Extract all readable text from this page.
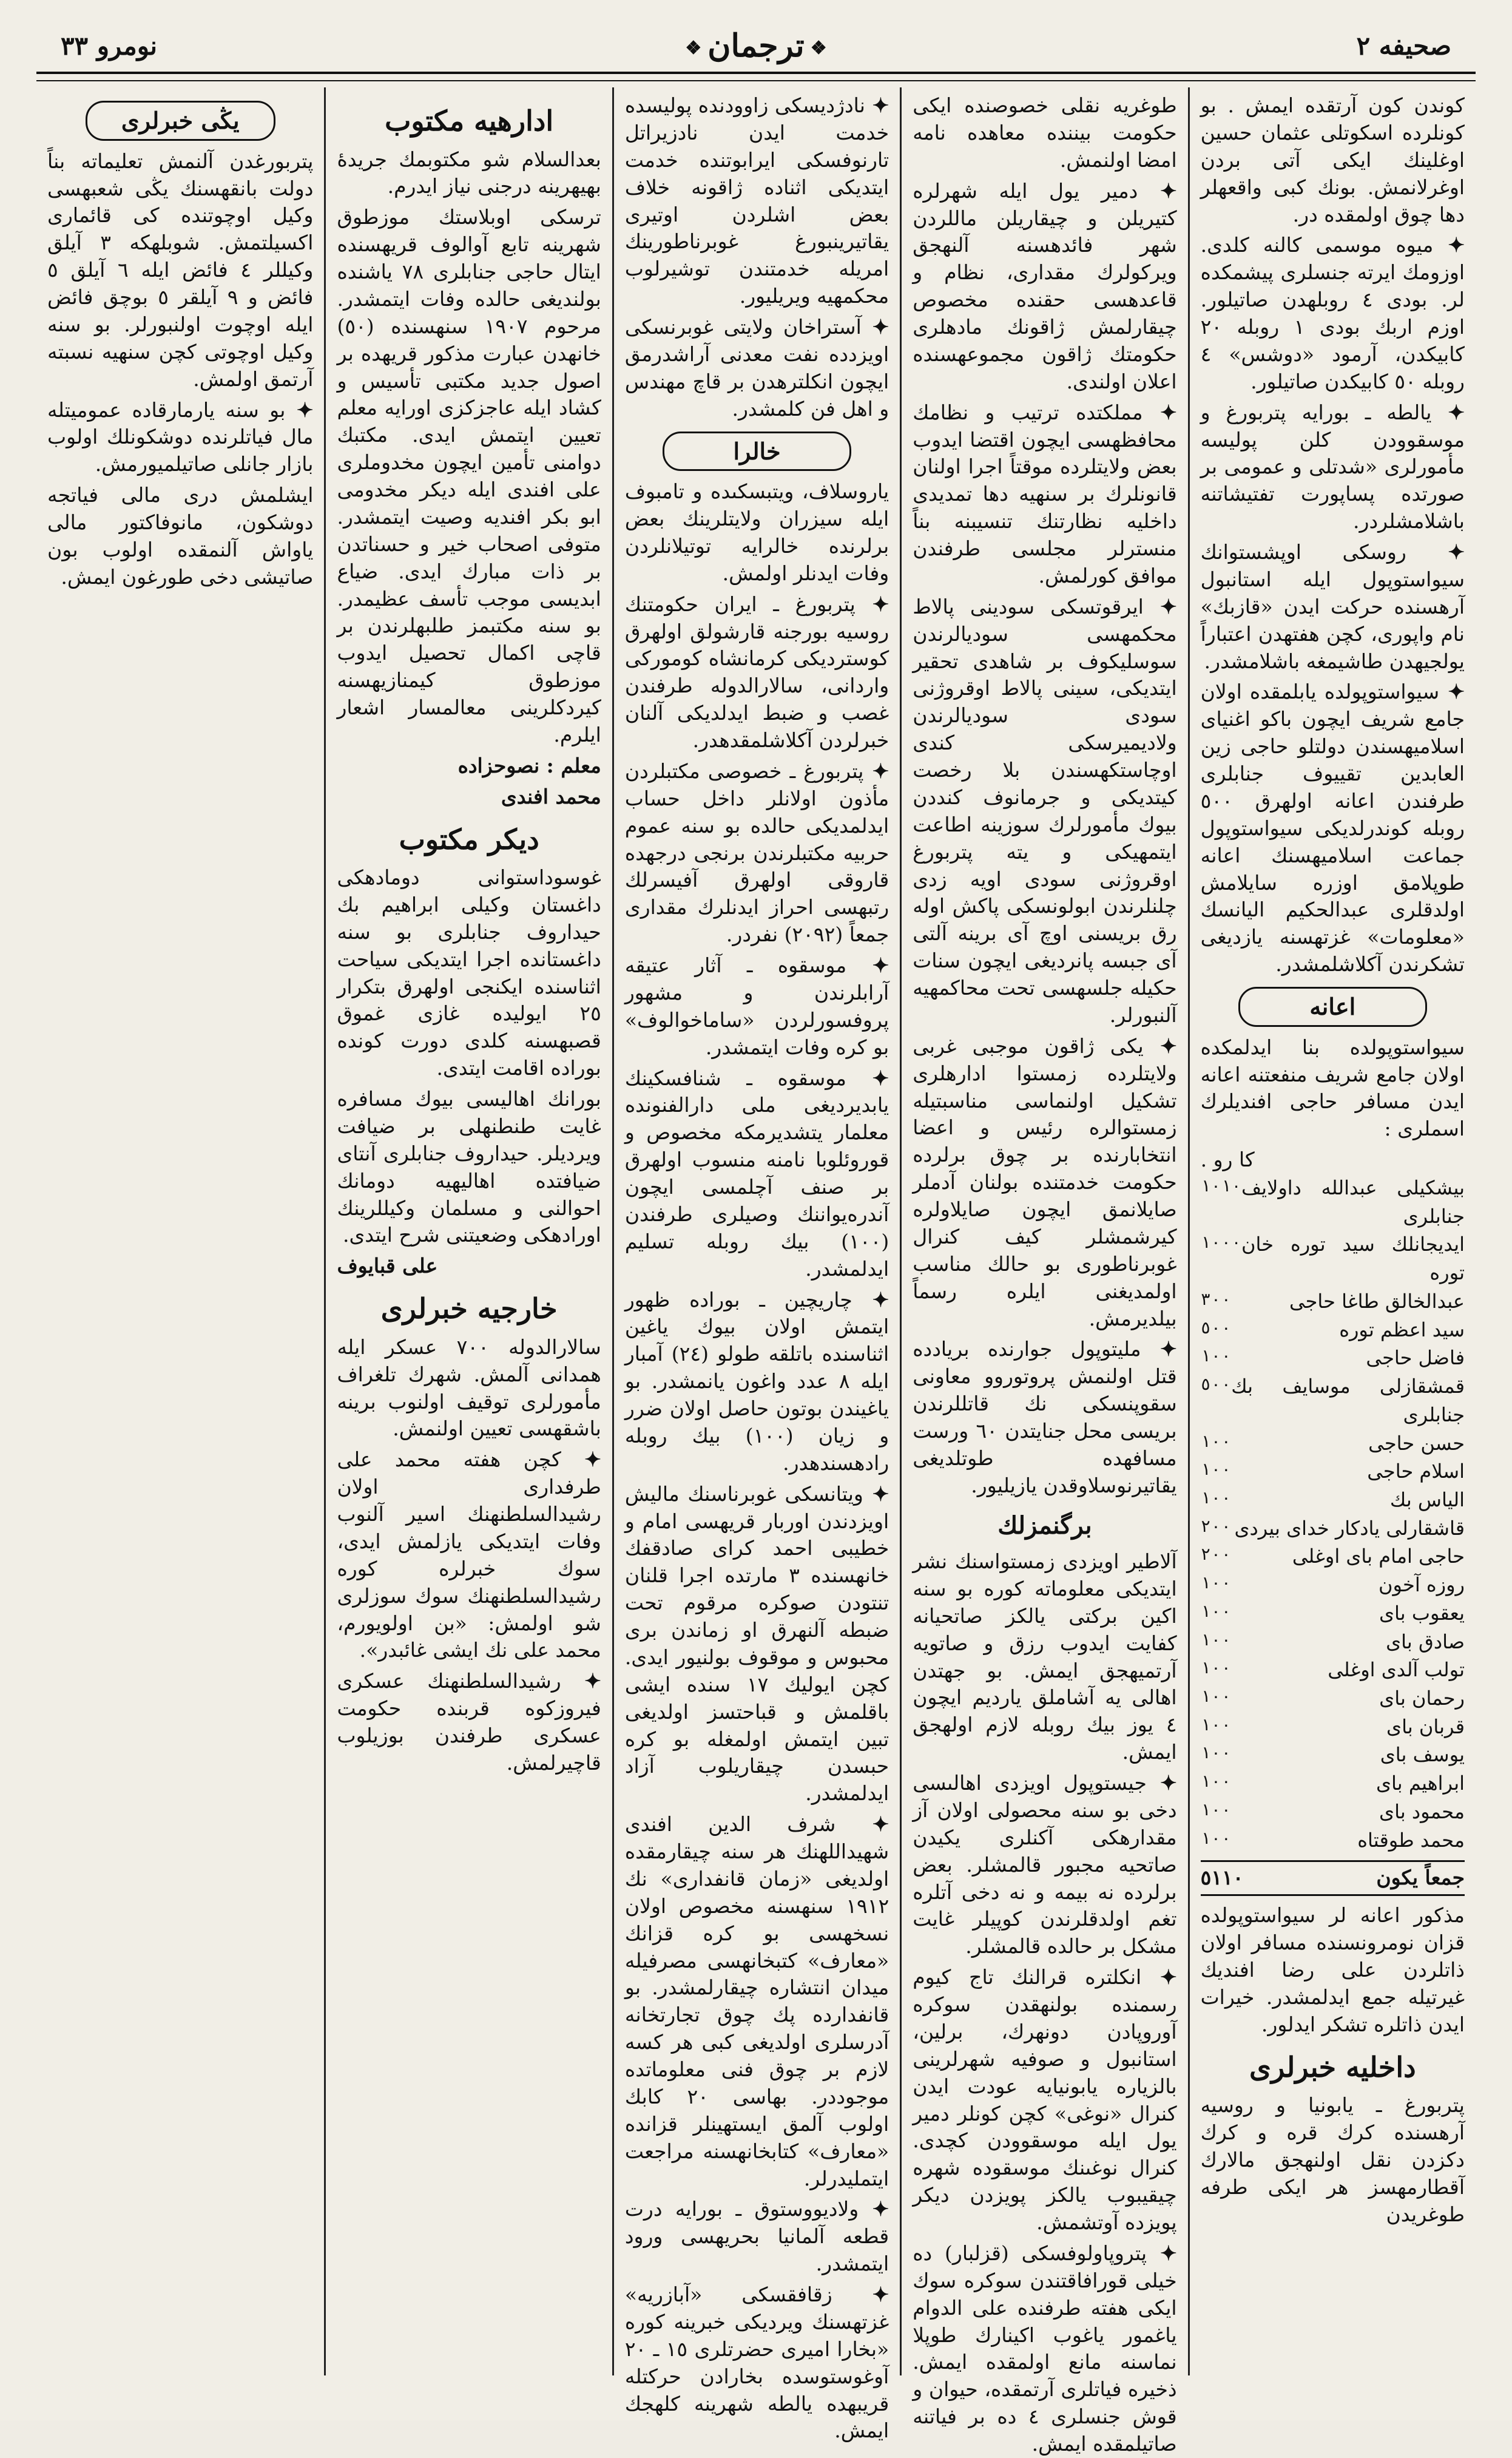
صحيفه ٢
❖ ترجمان ❖
نومرو ٣٣

كوندن كون آرتقده ايمش . بو كونلرده اسكوتلى عثمان حسين اوغلينك ايكى آتى بردن اوغرلانمش. بونك كبى واقعهلر دها چوق اولمقده در.

✦ ميوه موسمى كالنه كلدى. اوزومك ايرته جنسلرى پيشمكده لر. بودى ٤ روبلهدن صاتيلور. اوزم اربك بودى ١ روبله ٢٠ كابيكدن، آرمود «دوشس» ٤ روبله ٥٠ كابيكدن صاتيلور.

✦ يالطه ـ بورايه پتربورغ و موسقوودن كلن پوليسه مأمورلرى «شدتلى و عمومى بر صورتده پساپورت تفتيشاتنه باشلامشلردر.

✦ روسكى اوپشستوانك سيواستوپول ايله استانبول آرهسنده حركت ايدن «قازبك» نام واپورى، كچن هفتهدن اعتباراً يولجيهدن طاشيمغه باشلامشدر.

✦ سيواستوپولده يابلمقده اولان جامع شريف ايچون باكو اغنياى اسلاميهسندن دولتلو حاجى زين العابدين تقييوف جنابلرى طرفندن اعانه اولهرق ٥٠٠ روبله كوندرلديكى سيواستوپول جماعت اسلاميهسنك اعانه طوپلامق اوزره سايلامش اولدقلرى عبدالحكيم اليانسك «معلومات» غزتهسنه يازديغى تشكرندن آكلاشلمشدر.

اعانه

سيواستوپولده بنا ايدلمكده اولان جامع شريف منفعتنه اعانه ايدن مسافر حاجى افنديلرك اسملرى :

كا رو .

بيشكيلى عبدالله داولايف جنابلرى
١٠١٠
ايديجانلك سيد توره خان توره
١٠٠٠
عبدالخالق طاغا حاجى
٣٠٠
سيد اعظم توره
٥٠٠
فاضل حاجى
١٠٠
قمشقازلى موسايف بك جنابلرى
٥٠٠
حسن حاجى
١٠٠
اسلام حاجى
١٠٠
الياس بك
١٠٠
قاشقارلى يادكار خداى بيردى
٢٠٠
حاجى امام باى اوغلى
٢٠٠
روزه آخون
١٠٠
يعقوب باى
١٠٠
صادق باى
١٠٠
تولب آلدى اوغلى
١٠٠
رحمان باى
١٠٠
قربان باى
١٠٠
يوسف باى
١٠٠
ابراهيم باى
١٠٠
محمود باى
١٠٠
محمد طوقتاه
١٠٠
جمعاً يكون
٥١١٠

مذكور اعانه لر سيواستوپولده قزان نومرونسنده مسافر اولان ذاتلردن على رضا افنديك غيرتيله جمع ايدلمشدر. خيرات ايدن ذاتلره تشكر ايدلور.

داخليه خبرلرى

پتربورغ ـ يابونيا و روسيه آرهسنده كرك قره و كرك دكزدن نقل اولنهجق مالارك آقطارمهسز هر ايكى طرفه طوغريدن

طوغريه نقلى خصوصنده ايكى حكومت بيننده معاهده نامه امضا اولنمش.

✦ دمير يول ايله شهرلره كتيريلن و چيقاريلن ماللردن شهر فائدهسنه آلنهجق ويركولرك مقدارى، نظام و قاعدهسى حقنده مخصوص چيقارلمش ژاقونك مادهلرى حكومتك ژاقون مجموعهسنده اعلان اولندى.

✦ مملكتده ترتيب و نظامك محافظهسى ايچون اقتضا ايدوب بعض ولايتلرده موقتاً اجرا اولنان قانونلرك بر سنهيه دها تمديدى داخليه نظارتنك تنسيبنه بناً منسترلر مجلسى طرفندن موافق كورلمش.

✦ ايرقوتسكى سودينى پالاط محكمهسى سوديالرندن سوسليكوف بر شاهدى تحقير ايتديكى، سينى پالاط اوقروژنى سودى سوديالرندن ولاديميرسكى كندى اوچاستكهسندن بلا رخصت كيتديكى و جرمانوف كنددن بيوك مأمورلرك سوزينه اطاعت ايتمهيكى و يته پتربورغ اوقروژنى سودى اويه زدى چلنلرندن ابولونسكى پاكش اوله رق بريسنى اوچ آى برينه آلتى آى جبسه پانرديغى ايچون سنات حكيله جلسهسى تحت محاكمهيه آلنبورلر.

✦ يكى ژاقون موجبى غربى ولايتلرده زمستوا ادارهلرى تشكيل اولنماسى مناسبتيله زمستوالره رئيس و اعضا انتخابارنده بر چوق برلرده حكومت خدمتنده بولنان آدملر صايلانمق ايچون صايلاولره كيرشمشلر كيف كنرال غوبرناطورى بو حالك مناسب اولمديغنى ايلره رسماً بيلديرمش.

✦ مليتوپول جوارنده بريادده قتل اولنمش پروتوروو معاونى سقوپنسكى نك قاتللرندن بريسى محل جنايتدن ٦٠ ورست مسافهده طوتلديغى يقاتيرنوسلاوقدن يازيليور.

برگنمزلك

آلاطير اويزدى زمستواسنك نشر ايتديكى معلوماته كوره بو سنه اكين بركتى يالكز صاتحيانه كفايت ايدوب رزق و صاتويه آرتميهجق ايمش. بو جهتدن اهالى يه آشاملق يارديم ايچون ٤ يوز بيك روبله لازم اولهجق ايمش.

✦ جيستوپول اويزدى اهالىسى دخى بو سنه محصولى اولان آز مقدارهكى آكنلرى يكيدن صاتحيه مجبور قالمشلر. بعض برلرده نه بيمه و نه دخى آتلره تغم اولدقلرندن كوپيلر غايت مشكل بر حالده قالمشلر.

✦ انكلتره قرالنك تاج كيوم رسمنده بولنهقدن سوكره آوروپادن دونهرك، برلين، استانبول و صوفيه شهرلرينى بالزياره يابونيايه عودت ايدن كنرال «نوغى» كچن كونلر دمير يول ايله موسقوودن كچدى. كنرال نوغىنك موسقوده شهره چيقيبوب يالكز پويزدن ديكر پويزده آوتشمش.

✦ پتروپاولوفسكى (قزلبار) ده خيلى قورافاقتندن سوكره سوك ايكى هفته طرفنده على الدوام ياغمور ياغوب اكينارك طوپلا نماسنه مانع اولمقده ايمش. ذخيره فياتلرى آرتمقده، حيوان و قوش جنسلرى ٤ ده بر فياتنه صاتيلمقده ايمش.

✦ نادژديسكى زاوودنده پوليسده خدمت ايدن نادزيراتل تارنوفسكى ايرابوتنده خدمت ايتديكى اثناده ژاقونه خلاف بعض اشلردن اوتيرى يقاتيرينبورغ غوبرناطورينك امريله خدمتندن توشيرلوب محكمهيه ويريليور.

✦ آستراخان ولايتى غوبرنسكى اويزدده نفت معدنى آراشدرمق ايچون انكلترهدن بر قاچ مهندس و اهل فن كلمشدر.

خالرا

ياروسلاف، ويتبسكىده و تامبوف ايله سيزران ولايتلرينك بعض برلرنده خالرايه توتيلانلردن وفات ايدنلر اولمش.

✦ پتربورغ ـ ايران حكومتنك روسيه بورجنه قارشولق اولهرق كوسترديكى كرمانشاه كوموركى واردانى، سالارالدوله طرفندن غصب و ضبط ايدلديكى آلنان خبرلردن آكلاشلمقدهدر.

✦ پتربورغ ـ خصوصى مكتبلردن مأذون اولانلر داخل حساب ايدلمديكى حالده بو سنه عموم حربيه مكتبلرندن برنجى درجهده قاروقى اولهرق آفيسرلك رتبهسى احراز ايدنلرك مقدارى جمعاً (٢٠٩٢) نفردر.

✦ موسقوه ـ آثار عتيقه آرابلرندن و مشهور پروفسورلردن «ساماخوالوف» بو كره وفات ايتمشدر.

✦ موسقوه ـ شنافسكينك يابديرديغى ملى دارالفنونده معلمار يتشديرمكه مخصوص و قوروئلوبا نامنه منسوب اولهرق بر صنف آچلمسى ايچون آندرەيواننك وصيلرى طرفندن (١٠٠) بيك روبله تسليم ايدلمشدر.

✦ چاريچين ـ بوراده ظهور ايتمش اولان بيوك ياغين اثناسنده باتلقه طولو (٢٤) آمبار ايله ٨ عدد واغون يانمشدر. بو ياغيندن بوتون حاصل اولان ضرر و زيان (١٠٠) بيك روبله رادهسندهدر.

✦ ويتانسكى غوبرناسنك ماليش اويزدندن اوربار قريهسى امام و خطيبى احمد كراى صادقفك خانهسنده ٣ مارتده اجرا قلنان تنتودن صوكره مرقوم تحت ضبطه آلنهرق او زماندن برى محبوس و موقوف بولنيور ايدى. كچن ايوليك ١٧ سنده ايشى باقلمش و قباحتسز اولديغى تبين ايتمش اولمغله بو كره حبسدن چيقاريلوب آزاد ايدلمشدر.

✦ شرف الدين افندى شهيداللهنك هر سنه چيقارمقده اولديغى «زمان قانفدارى» نك ١٩١٢ سنهسنه مخصوص اولان نسخهسى بو كره قزانك «معارف» كتبخانهسى مصرفيله ميدان انتشاره چيقارلمشدر. بو قانفدارده پك چوق تجارتخانه آدرسلرى اولديغى كبى هر كسه لازم بر چوق فنى معلوماتده موجوددر. بهاسى ٢٠ كابك اولوب آلمق ايستهينلر قزانده «معارف» كتابخانهسنه مراجعت ايتمليدرلر.

✦ ولاديووستوق ـ بورايه درت قطعه آلمانيا بحريهسى ورود ايتمشدر.

✦ زقافقسكى «آبازريه» غزتهسنك ويرديكى خبرينه كوره «بخارا اميرى حضرتلرى ١٥ ـ ٢٠ آوغوستوسده بخارادن حركتله قريبهده يالطه شهرينه كلهجك ايمش.

ادارهيه مكتوب

بعدالسلام شو مكتوبمك جريدهٔ بهيهرينه درجنى نياز ايدرم.

ترسكى اوبلاستك موزطوق شهرينه تابع آوالوف قريهسنده ايتال حاجى جنابلرى ٧٨ ياشنده بولنديغى حالده وفات ايتمشدر. مرحوم ١٩٠٧ سنهسنده (٥٠) خانهدن عبارت مذكور قريهده بر اصول جديد مكتبى تأسيس و كشاد ايله عاجزكزى اورايه معلم تعيين ايتمش ايدى. مكتبك دوامنى تأمين ايچون مخدوملرى على افندى ايله ديكر مخدومى ابو بكر افنديه وصيت ايتمشدر. متوفى اصحاب خير و حسناتدن بر ذات مبارك ايدى. ضياع ابديسى موجب تأسف عظيمدر. بو سنه مكتبمز طلبهلرندن بر قاچى اكمال تحصيل ايدوب موزطوق كيمنازيهسنه كيردكلرينى معالمسار اشعار ايلرم.

معلم : نصوحزاده

محمد افندى

ديكر مكتوب

غوسوداستوانى دومادهكى داغستان وكيلى ابراهيم بك حيداروف جنابلرى بو سنه داغستانده اجرا ايتديكى سياحت اثناسنده ايكنجى اولهرق بتكرار ٢٥ ايوليده غازى غموق قصبهسنه كلدى دورت كونده بوراده اقامت ايتدى.

بورانك اهاليسى بيوك مسافره غايت طنطنهلى بر ضيافت ويرديلر. حيداروف جنابلرى آنتاى ضيافتده اهاليهيه دومانك احوالنى و مسلمان وكيللرينك اورادهكى وضعيتنى شرح ايتدى.

على قبايوف

خارجيه خبرلرى

سالارالدوله ٧٠٠ عسكر ايله همدانى آلمش. شهرك تلغراف مأمورلرى توقيف اولنوب برينه باشقهسى تعيين اولنمش.

✦ كچن هفته محمد على طرفدارى اولان رشيدالسلطنهنك اسير آلنوب وفات ايتديكى يازلمش ايدى، سوك خبرلره كوره رشيدالسلطنهنك سوك سوزلرى شو اولمش: «بن اولويورم، محمد على نك ايشى غائبدر».

✦ رشيدالسلطنهنك عسكرى فيروزكوه قربنده حكومت عسكرى طرفندن بوزيلوب قاچيرلمش.

يڭى خبرلرى

پتربورغدن آلنمش تعليماته بناً دولت بانقهسنك يڭى شعبهسى وكيل اوچوتنده كى قائمارى اكسيلتمش. شوبلهكه ٣ آيلق وكيللر ٤ فائض ايله ٦ آيلق ٥ فائض و ٩ آيلقر ٥ بوچق فائض ايله اوچوت اولنبورلر. بو سنه وكيل اوچوتى كچن سنهيه نسبته آرتمق اولمش.

✦ بو سنه يارمارقاده عموميتله مال فياتلرنده دوشكونلك اولوب بازار جانلى صاتيلميورمش.

ايشلمش درى مالى فياتجه دوشكون، مانوفاكتور مالى ياواش آلنمقده اولوب بون صاتيشى دخى طورغون ايمش.
